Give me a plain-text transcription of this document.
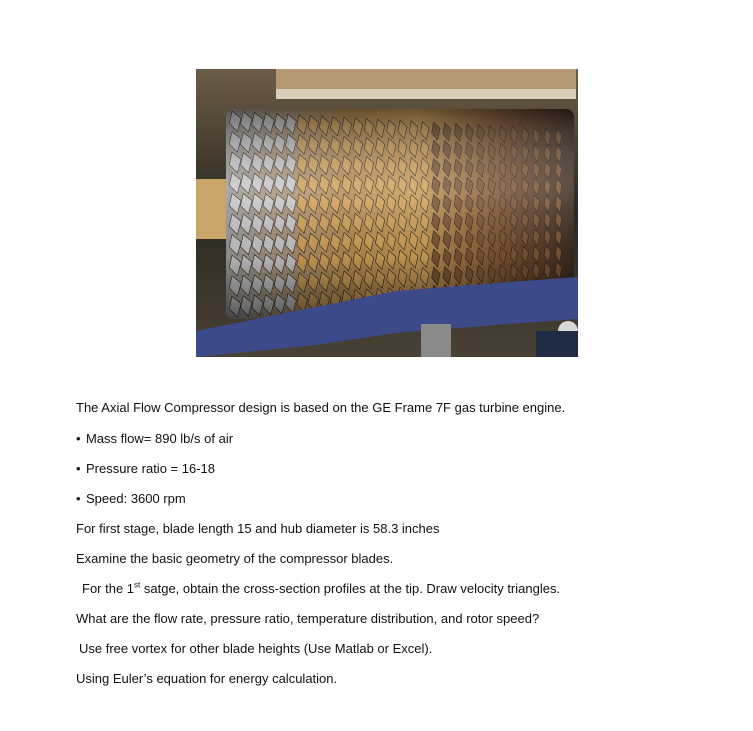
The Axial Flow Compressor design is based on the GE Frame 7F gas turbine engine.
• Mass flow= 890 lb/s of air
• Pressure ratio = 16-18
• Speed: 3600 rpm
For first stage, blade length 15 and hub diameter is 58.3 inches
Examine the basic geometry of the compressor blades.
For the 1st satge, obtain the cross-section profiles at the tip. Draw velocity triangles.
What are the flow rate, pressure ratio, temperature distribution, and rotor speed?
Use free vortex for other blade heights (Use Matlab or Excel).
Using Euler’s equation for energy calculation.
